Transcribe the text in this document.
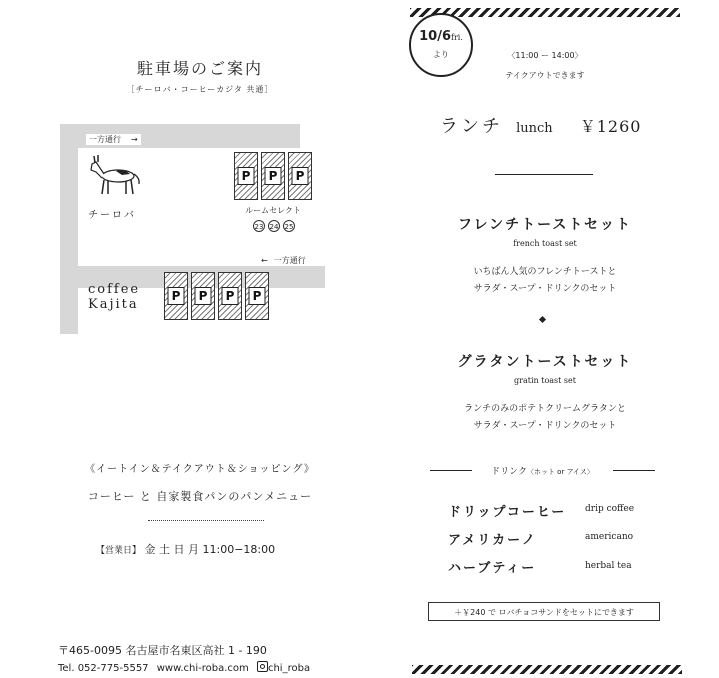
駐車場のご案内
［チーロバ・コーヒーカジタ 共通］
一方通行 →
← 一方通行
チーロバ
P	P	P
ルームセレクト
23 24 25
coffee
Kajita
P	P	P	P
《イートイン＆テイクアウト＆ショッピング》
コーヒー と 自家製食パンのパンメニュー
【営業日】 金 土 日 月 11:00−18:00
〒465-0095 名古屋市名東区高社 1 - 190
Tel. 052-775-5557 www.chi-roba.com chi_roba
10/6fri.
より	〈11:00 ー 14:00〉
テイクアウトできます
ランチ lunch ￥1260
フレンチトーストセット
french toast set
いちばん人気のフレンチトーストと
サラダ・スープ・ドリンクのセット
グラタントーストセット
gratin toast set
ランチのみのポテトクリームグラタンと
サラダ・スープ・ドリンクのセット
ドリンク〈ホット or アイス〉
ドリップコーヒー drip coffee
アメリカーノ	americano
ハーブティー	herbal tea
＋￥240 で ロバチョコサンドをセットにできます
